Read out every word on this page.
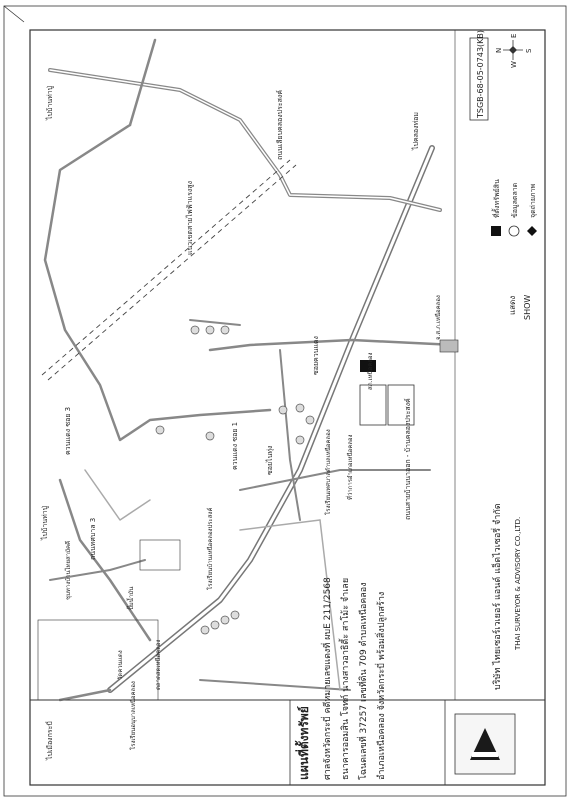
ไปบ้านท่าปู่
ไปบ้านท่าปู่
ถนนเลียบคลองประสงค์
แนวเขตสายไฟฟ้าแรงสูง
ไปคลองท่อม
ไปเมืองกระบี่
ควนเเดง ซอย 3	ควนเเดง ซอย 1
ถนนทศบาล 3
ซอยควนแดง
ซอยไนทุ่ง	ถนนสายบ้านนาออก - บ้านคลองประสงค์
โรงเรียนบ้านเหนือคลองประสงค์
โรงเรียนเทศบาลตำบลเหนือคลอง	ที่ว่าการอำเภอเหนือคลอง
สภ.เหนือคลอง
จ.ส.ภ.เหนือคลอง
ชุมทางบ้านไทยสามัคคี
วัดควนเเดง
โรงเรียนอนุบาลเหนือคลอง
ตลาดสดเหนือคลอง
ปั๊มน้ำมัน
TSGB-68-05-0743(KB) N	S
E
W
แสดง SHOW
ที่ตั้งทรัพย์สิน ข้อมูลตลาด จุดถ่ายภาพ
บริษัท ไทยเซอร์เวเยอร์ แอนด์ แอ็ดไวเซอรี่ จำกัด THAI SURVEYOR & ADVISORY CO.,LTD.
แผนที่ตั้งทรัพย์	ศาลจังหวัดกระบี่ คดีหมายเลขแดงที่ ผบE 211/2568 ธนาคารออมสิน โจทก์ นางสาวอาธิดี้ะ สาโม้ะ จำเลย โฉนดเลขที่ 37257 เลขที่ดิน 709 ตำบลเหนือคลอง อำเภอเหนือคลอง จังหวัดกระบี่ พร้อมสิ่งปลูกสร้าง
